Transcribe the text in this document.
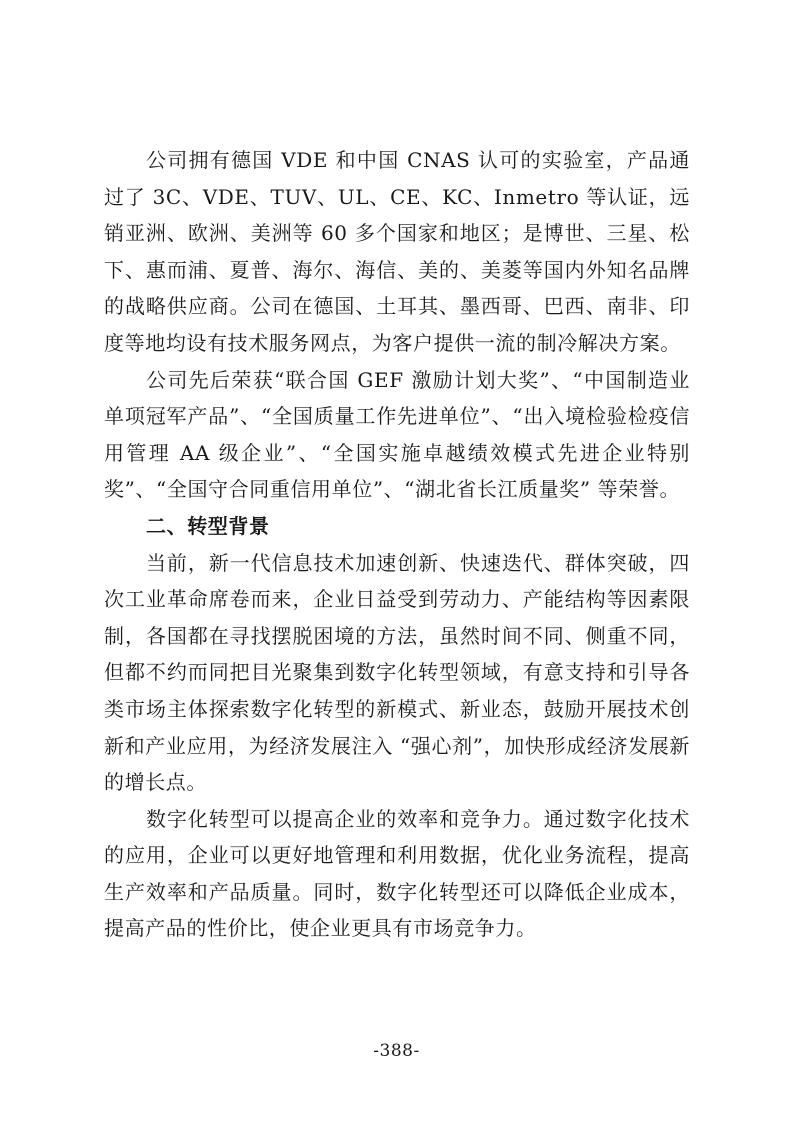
公司拥有德国 VDE 和中国 CNAS 认可的实验室，产品通过了 3C、VDE、TUV、UL、CE、KC、Inmetro 等认证，远销亚洲、欧洲、美洲等 60 多个国家和地区；是博世、三星、松下、惠而浦、夏普、海尔、海信、美的、美菱等国内外知名品牌的战略供应商。公司在德国、土耳其、墨西哥、巴西、南非、印度等地均设有技术服务网点，为客户提供一流的制冷解决方案。

公司先后荣获“联合国 GEF 激励计划大奖”、“中国制造业单项冠军产品”、“全国质量工作先进单位”、“出入境检验检疫信用管理 AA 级企业”、“全国实施卓越绩效模式先进企业特别奖”、“全国守合同重信用单位”、“湖北省长江质量奖” 等荣誉。

二、转型背景

当前，新一代信息技术加速创新、快速迭代、群体突破，四次工业革命席卷而来，企业日益受到劳动力、产能结构等因素限制，各国都在寻找摆脱困境的方法，虽然时间不同、侧重不同，但都不约而同把目光聚集到数字化转型领域，有意支持和引导各类市场主体探索数字化转型的新模式、新业态，鼓励开展技术创新和产业应用，为经济发展注入 “强心剂”，加快形成经济发展新的增长点。

数字化转型可以提高企业的效率和竞争力。通过数字化技术的应用，企业可以更好地管理和利用数据，优化业务流程，提高生产效率和产品质量。同时，数字化转型还可以降低企业成本，提高产品的性价比，使企业更具有市场竞争力。

-388-
